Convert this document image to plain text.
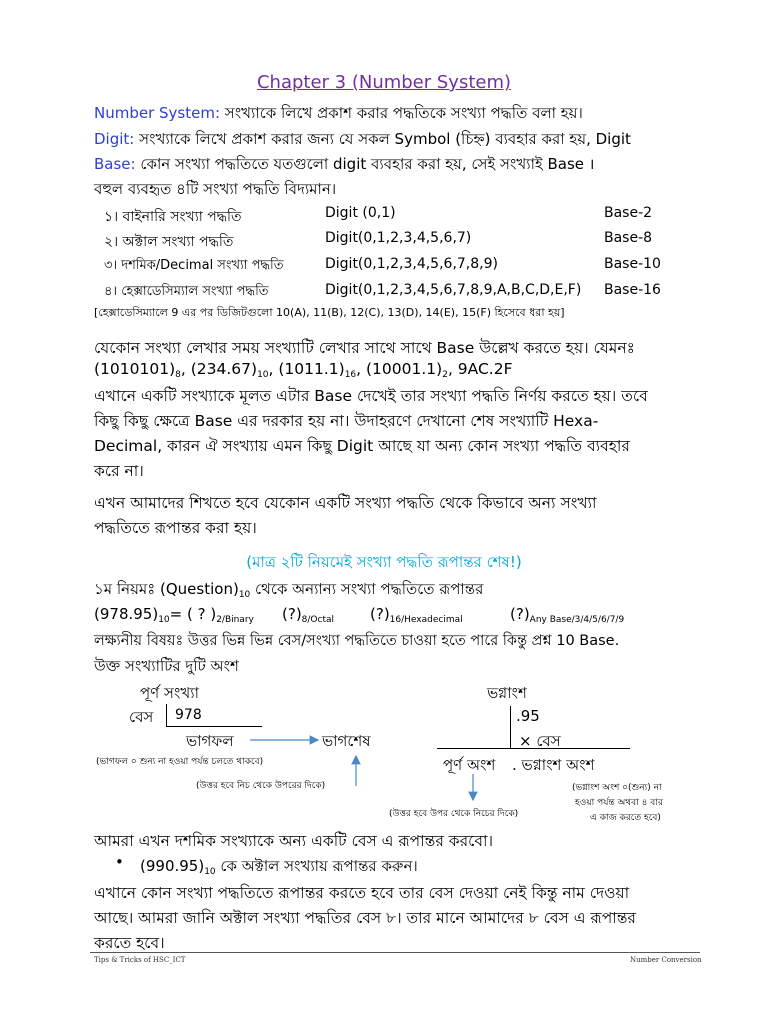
Chapter 3 (Number System)
Number System: সংখ্যাকে লিখে প্রকাশ করার পদ্ধতিকে সংখ্যা পদ্ধতি বলা হয়।
Digit: সংখ্যাকে লিখে প্রকাশ করার জন্য যে সকল Symbol (চিহ্ন) ব্যবহার করা হয়, Digit
Base: কোন সংখ্যা পদ্ধতিতে যতগুলো digit ব্যবহার করা হয়, সেই সংখ্যাই Base ।
বহুল ব্যবহৃত ৪টি সংখ্যা পদ্ধতি বিদ্যমান।
১। বাইনারি সংখ্যা পদ্ধতি	Digit (0,1)	Base-2
২। অক্টাল সংখ্যা পদ্ধতি	Digit(0,1,2,3,4,5,6,7)	Base-8
৩। দশমিক/Decimal সংখ্যা পদ্ধতি	Digit(0,1,2,3,4,5,6,7,8,9)	Base-10
৪। হেক্সাডেসিম্যাল সংখ্যা পদ্ধতি	Digit(0,1,2,3,4,5,6,7,8,9,A,B,C,D,E,F) Base-16
[হেক্সাডেসিম্যালে 9 এর পর ডিজিটগুলো 10(A), 11(B), 12(C), 13(D), 14(E), 15(F) হিসেবে ধরা হয়]
যেকোন সংখ্যা লেখার সময় সংখ্যাটি লেখার সাথে সাথে Base উল্লেখ করতে হয়। যেমনঃ
$(1010101)_8$, $(234.67)_{10}$, $(1011.1)_{16}$, $(10001.1)_2$, 9AC.2F
এখানে একটি সংখ্যাকে মূলত এটার Base দেখেই তার সংখ্যা পদ্ধতি নির্ণয় করতে হয়। তবে
কিছু কিছু ক্ষেত্রে Base এর দরকার হয় না। উদাহরণে দেখানো শেষ সংখ্যাটি Hexa-
Decimal, কারন ঐ সংখ্যায় এমন কিছু Digit আছে যা অন্য কোন সংখ্যা পদ্ধতি ব্যবহার
করে না।
এখন আমাদের শিখতে হবে যেকোন একটি সংখ্যা পদ্ধতি থেকে কিভাবে অন্য সংখ্যা
পদ্ধতিতে রূপান্তর করা হয়।
(মাত্র ২টি নিয়মেই সংখ্যা পদ্ধতি রূপান্তর শেষ!)
১ম নিয়মঃ $(Question)_{10}$ থেকে অন্যান্য সংখ্যা পদ্ধতিতে রূপান্তর
$(978.95)_{10}=$ ( ? )$_{2/Binary}$ $(?)_{8/Octal}$ $(?)_{16/Hexadecimal}$	$(?)_{Any Base/3/4/5/6/7/9}$
লক্ষ্যনীয় বিষয়ঃ উত্তর ভিন্ন ভিন্ন বেস/সংখ্যা পদ্ধতিতে চাওয়া হতে পারে কিন্তু প্রশ্ন 10 Base.
উক্ত সংখ্যাটির দুটি অংশ
পূর্ণ সংখ্যা	ভগ্নাংশ
বেস 978	.95
× বেস
ভাগফল	ভাগশেষ
(ভাগফল ০ শুন্য না হওয়া পর্যন্ত চলতে থাকবে)	পূর্ণ অংশ . ভগ্নাংশ অংশ
(উত্তর হবে নিচ থেকে উপরের দিকে)	(ভগ্নাংশ অংশ ০(শুন্য) না
হওয়া পর্যন্ত অথবা ৪ বার
এ কাজ করতে হবে)
(উত্তর হবে উপর থেকে নিচের দিকে)
আমরা এখন দশমিক সংখ্যাকে অন্য একটি বেস এ রূপান্তর করবো।
• $(990.95)_{10}$ কে অক্টাল সংখ্যায় রূপান্তর করুন।
এখানে কোন সংখ্যা পদ্ধতিতে রূপান্তর করতে হবে তার বেস দেওয়া নেই কিন্তু নাম দেওয়া
আছে। আমরা জানি অক্টাল সংখ্যা পদ্ধতির বেস ৮। তার মানে আমাদের ৮ বেস এ রূপান্তর
করতে হবে।
Tips & Tricks of HSC_ICT	Number Conversion
